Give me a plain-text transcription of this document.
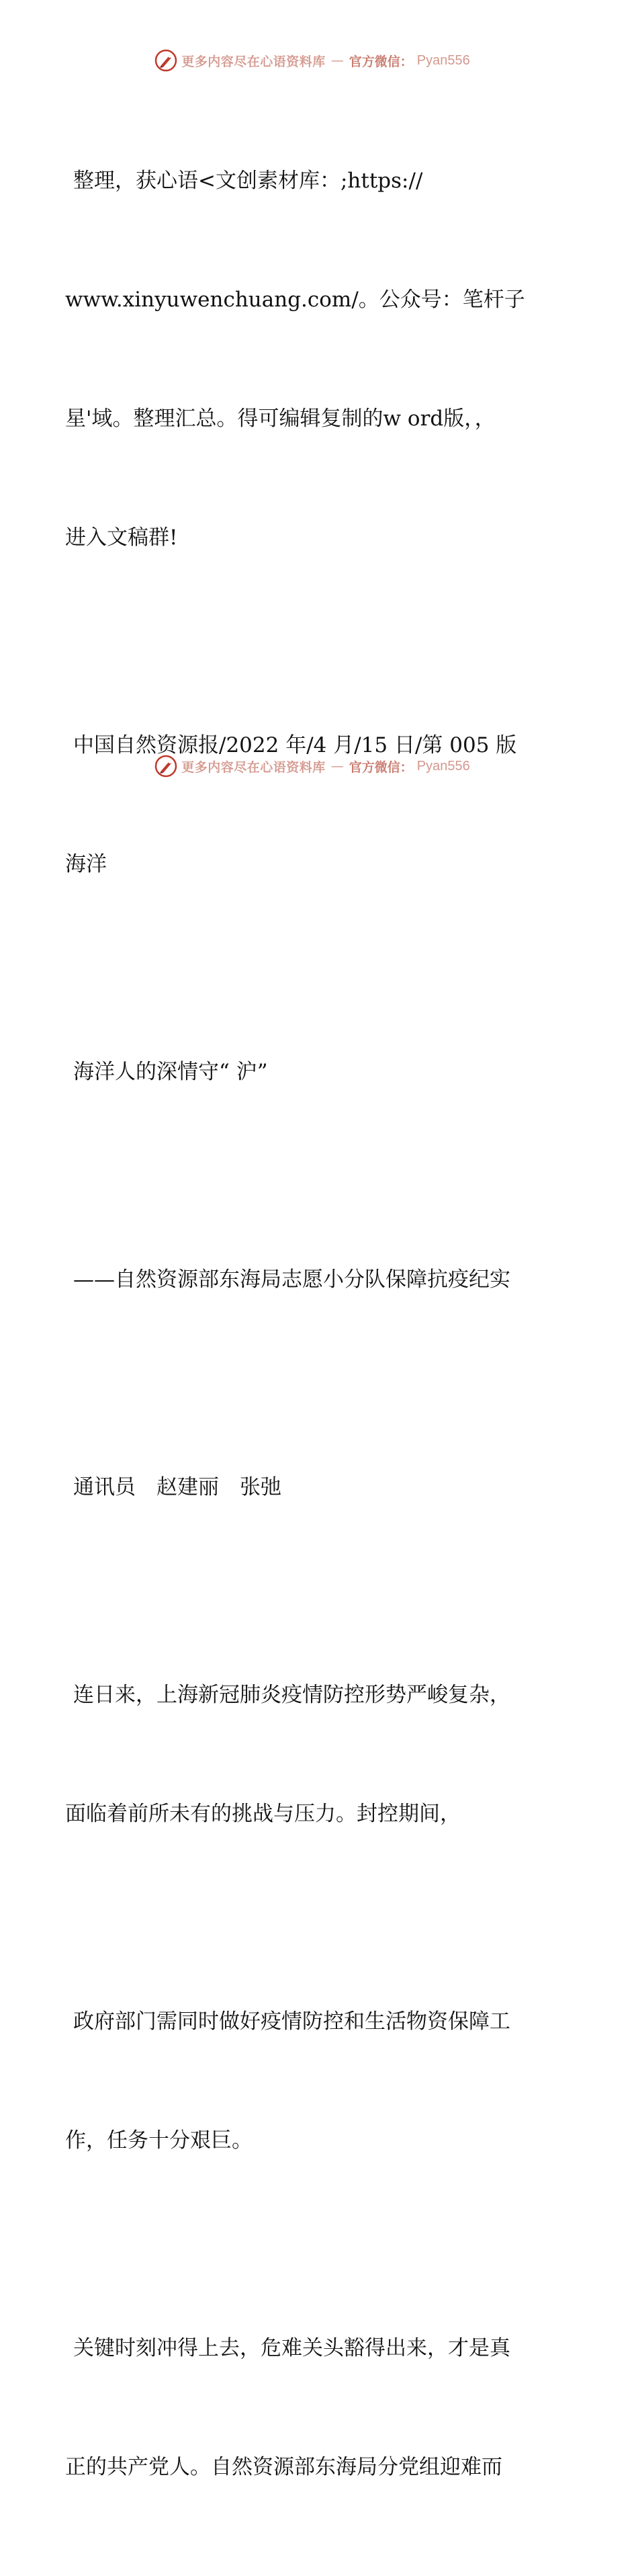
更多内容尽在心语资料库 — 官方微信： Pyan556

整理，获心语<文创素材库：;https://

www.xinyuwenchuang.com/。公众号：笔杆子

星'域。整理汇总。得可编辑复制的w ord版，，

进入文稿群!

中国自然资源报/2022 年/4 月/15 日/第 005 版

海洋

海洋人的深情守“ 沪”

——自然资源部东海局志愿小分队保障抗疫纪实

通讯员　赵建丽　张弛

连日来，上海新冠肺炎疫情防控形势严峻复杂，

面临着前所未有的挑战与压力。封控期间，

政府部门需同时做好疫情防控和生活物资保障工

作，任务十分艰巨。

关键时刻冲得上去，危难关头豁得出来，才是真

正的共产党人。自然资源部东海局分党组迎难而

更多内容尽在心语资料库 — 官方微信： Pyan556
